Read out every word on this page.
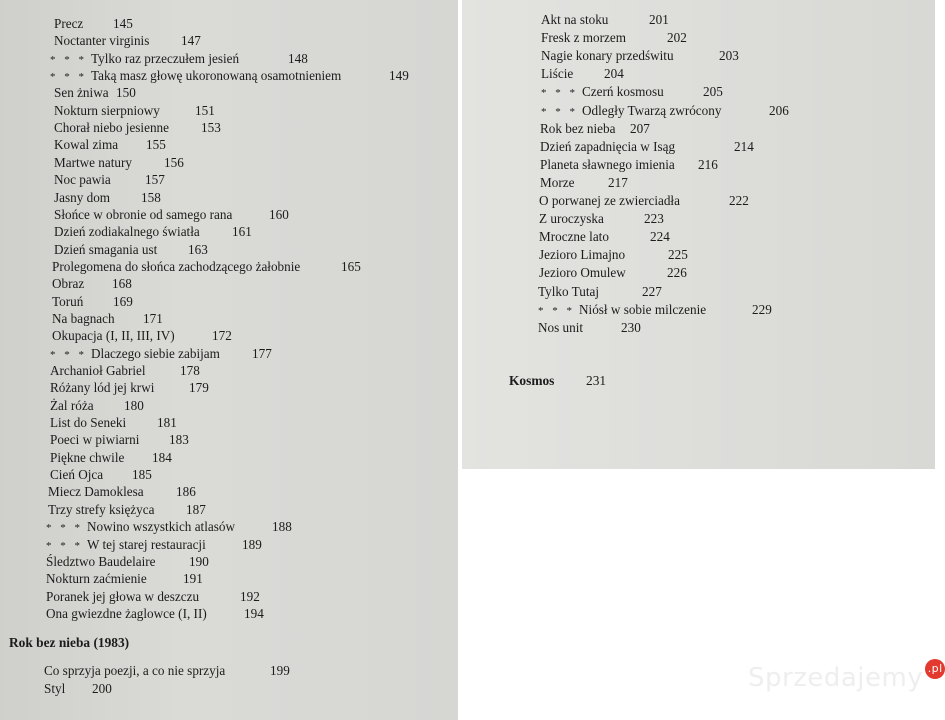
Sprzedajemy .pl
Precz 145
Noctanter virginis 147
* * * Tylko raz przeczułem jesień	148
* * * Taką masz głowę ukoronowaną osamotnieniem	149
Sen żniwa 150
Nokturn sierpniowy	151
Chorał niebo jesienne 153
Kowal zima 155
Martwe natury 156
Noc pawia	157
Jasny dom 158
Słońce w obronie od samego rana	160
Dzień zodiakalnego światła 161
Dzień smagania ust 163
Prolegomena do słońca zachodzącego żałobnie	165
Obraz 168
Toruń 169
Na bagnach 171
Okupacja (I, II, III, IV)	172
* * * Dlaczego siebie zabijam 177
Archanioł Gabriel	178
Różany lód jej krwi	179
Żal róża 180
List do Seneki 181
Poeci w piwiarni 183
Piękne chwile 184
Cień Ojca 185
Miecz Damoklesa 186
Trzy strefy księżyca 187
* * * Nowino wszystkich atlasów	188
* * * W tej starej restauracji	189
Śledztwo Baudelaire	190
Nokturn zaćmienie	191
Poranek jej głowa w deszczu	192
Ona gwiezdne żaglowce (I, II)	194
Rok bez nieba (1983)
Co sprzyja poezji, a co nie sprzyja	199
Styl 200
Akt na stoku	201
Fresk z morzem	202
Nagie konary przedświtu	203
Liście 204
* * * Czerń kosmosu	205
* * * Odległy Twarzą zwrócony	206
Rok bez nieba 207
Dzień zapadnięcia w Isąg	214
Planeta sławnego imienia 216
Morze	217
O porwanej ze zwierciadła	222
Z uroczyska	223
Mroczne lato	224
Jezioro Limajno	225
Jezioro Omulew	226
Tylko Tutaj	227
* * * Niósł w sobie milczenie	229
Nos unit	230
Kosmos 231
